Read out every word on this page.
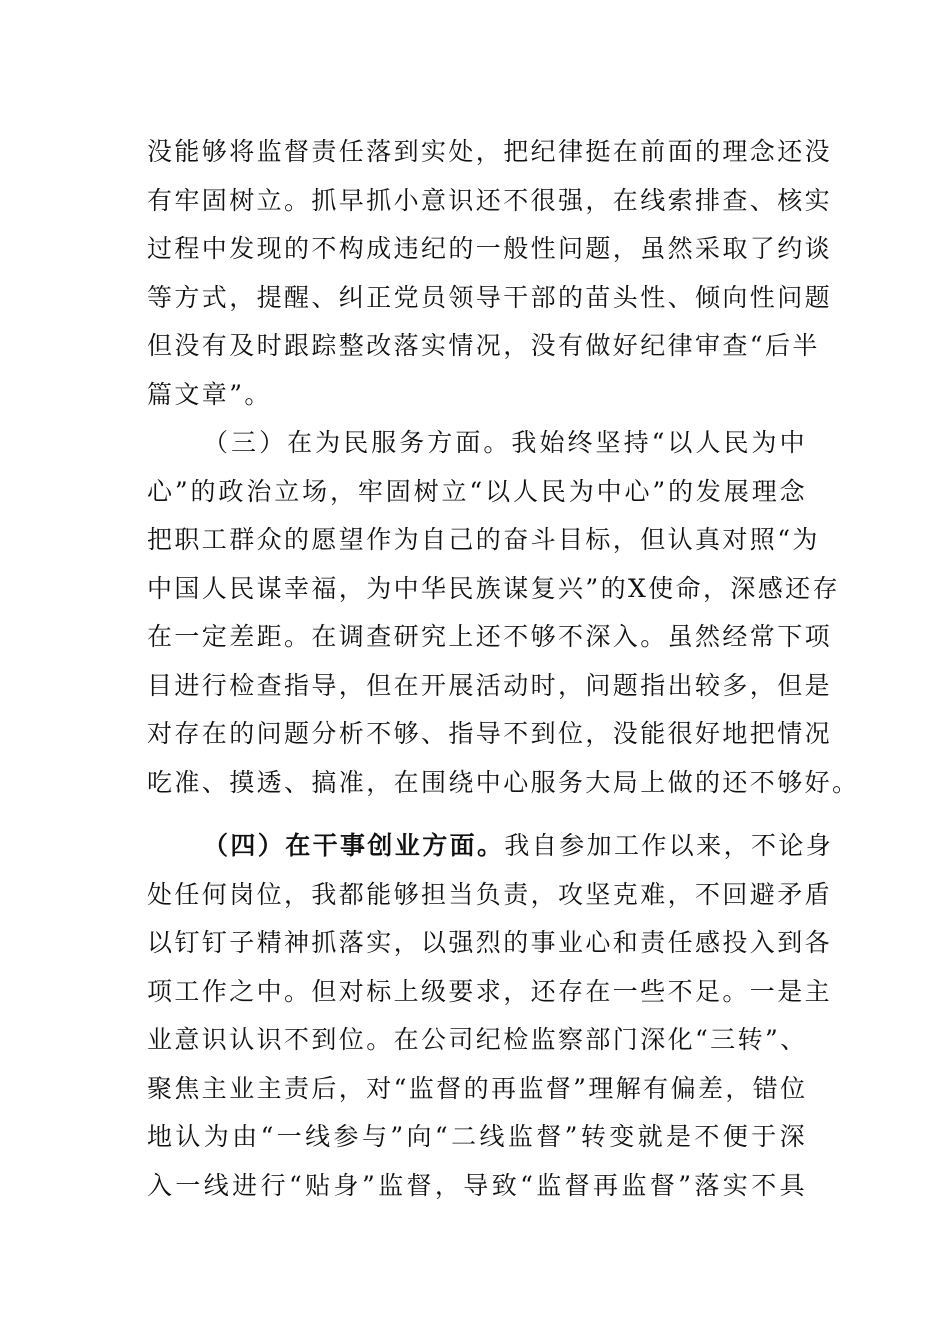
没能够将监督责任落到实处，把纪律挺在前面的理念还没
有牢固树立。抓早抓小意识还不很强，在线索排查、核实
过程中发现的不构成违纪的一般性问题，虽然采取了约谈
等方式，提醒、纠正党员领导干部的苗头性、倾向性问题
但没有及时跟踪整改落实情况，没有做好纪律审查“后半
篇文章”。
（三）在为民服务方面。我始终坚持“以人民为中
心”的政治立场，牢固树立“以人民为中心”的发展理念
把职工群众的愿望作为自己的奋斗目标，但认真对照“为
中国人民谋幸福，为中华民族谋复兴”的X使命，深感还存
在一定差距。在调查研究上还不够不深入。虽然经常下项
目进行检查指导，但在开展活动时，问题指出较多，但是
对存在的问题分析不够、指导不到位，没能很好地把情况
吃准、摸透、搞准，在围绕中心服务大局上做的还不够好。
（四）在干事创业方面。我自参加工作以来，不论身
处任何岗位，我都能够担当负责，攻坚克难，不回避矛盾
以钉钉子精神抓落实，以强烈的事业心和责任感投入到各
项工作之中。但对标上级要求，还存在一些不足。一是主
业意识认识不到位。在公司纪检监察部门深化“三转”、
聚焦主业主责后，对“监督的再监督”理解有偏差，错位
地认为由“一线参与”向“二线监督”转变就是不便于深
入一线进行“贴身”监督，导致“监督再监督”落实不具
